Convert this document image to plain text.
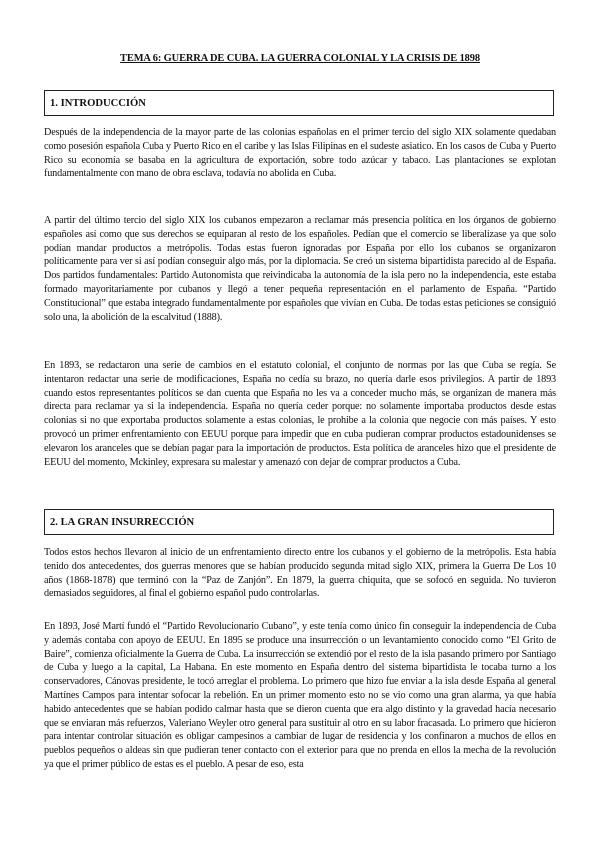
TEMA 6: GUERRA DE CUBA. LA GUERRA COLONIAL Y LA CRISIS DE 1898
1. INTRODUCCIÓN

Después de la independencia de la mayor parte de las colonias españolas en el primer tercio del siglo XIX solamente quedaban como posesión española Cuba y Puerto Rico en el caribe y las Islas Filipinas en el sudeste asiatico. En los casos de Cuba y Puerto Rico su economía se basaba en la agricultura de exportación, sobre todo azúcar y tabaco. Las plantaciones se explotan fundamentalmente con mano de obra esclava, todavía no abolida en Cuba.

A partir del último tercio del siglo XIX los cubanos empezaron a reclamar más presencia política en los órganos de gobierno españoles así como que sus derechos se equiparan al resto de los españoles. Pedían que el comercio se liberalizase ya que solo podían mandar productos a metrópolis. Todas estas fueron ignoradas por España por ello los cubanos se organizaron políticamente para ver si así podían conseguir algo más, por la diplomacia. Se creó un sistema bipartidista parecido al de España. Dos partidos fundamentales: Partido Autonomista que reivindicaba la autonomía de la isla pero no la independencia, este estaba formado mayoritariamente por cubanos y llegó a tener pequeña representación en el parlamento de España. “Partido Constitucional” que estaba integrado fundamentalmente por españoles que vivían en Cuba. De todas estas peticiones se consiguió solo una, la abolición de la escalvitud (1888).

En 1893, se redactaron una serie de cambios en el estatuto colonial, el conjunto de normas por las que Cuba se regía. Se intentaron redactar una serie de modificaciones, España no cedía su brazo, no quería darle esos privilegios. A partir de 1893 cuando estos representantes políticos se dan cuenta que España no les va a conceder mucho más, se organizan de manera más directa para reclamar ya si la independencia. España no quería ceder porque: no solamente importaba productos desde estas colonias si no que exportaba productos solamente a estas colonias, le prohibe a la colonia que negocie con más países. Y esto provocó un primer enfrentamiento con EEUU porque para impedir que en cuba pudieran comprar productos estadounidenses se elevaron los aranceles que se debían pagar para la importación de productos. Esta política de aranceles hizo que el presidente de EEUU del momento, Mckinley, expresara su malestar y amenazó con dejar de comprar productos a Cuba.

2. LA GRAN INSURRECCIÓN

Todos estos hechos llevaron al inicio de un enfrentamiento directo entre los cubanos y el gobierno de la metrópolis. Esta había tenido dos antecedentes, dos guerras menores que se habían producido segunda mitad siglo XIX, primera la Guerra De Los 10 años (1868-1878) que terminó con la “Paz de Zanjón”. En 1879, la guerra chiquita, que se sofocó en seguida. No tuvieron demasiados seguidores, al final el gobierno español pudo controlarlas.

En 1893, José Martí fundó el “Partido Revolucionario Cubano”, y este tenía como único fin conseguir la independencia de Cuba y además contaba con apoyo de EEUU. En 1895 se produce una insurrección o un levantamiento conocido como “El Grito de Baire”, comienza oficialmente la Guerra de Cuba. La insurrección se extendió por el resto de la isla pasando primero por Santiago de Cuba y luego a la capital, La Habana. En este momento en España dentro del sistema bipartidista le tocaba turno a los conservadores, Cánovas presidente, le tocó arreglar el problema. Lo primero que hizo fue enviar a la isla desde España al general Martínes Campos para intentar sofocar la rebelión. En un primer momento esto no se vio como una gran alarma, ya que había habido antecedentes que se habían podido calmar hasta que se dieron cuenta que era algo distinto y la gravedad hacía necesario que se enviaran más refuerzos, Valeriano Weyler otro general para sustituir al otro en su labor fracasada. Lo primero que hicieron para intentar controlar situación es obligar campesinos a cambiar de lugar de residencia y los confinaron a muchos de ellos en pueblos pequeños o aldeas sin que pudieran tener contacto con el exterior para que no prenda en ellos la mecha de la revolución ya que el primer público de estas es el pueblo. A pesar de eso, esta
